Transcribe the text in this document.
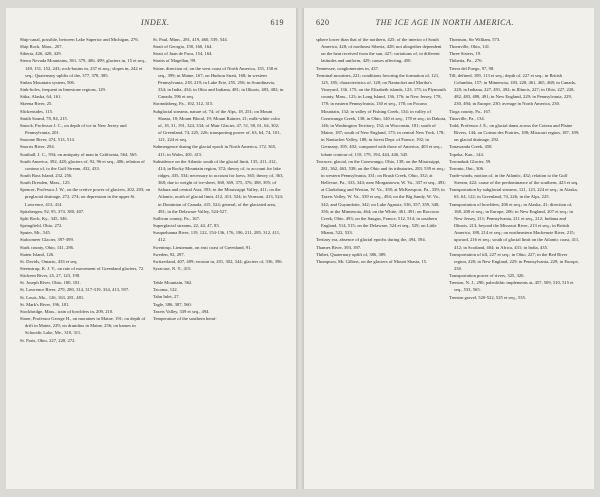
INDEX.	619

Ship-canal, possible, between Lake Superior and Michigan, 276.

Ship Rock, Mass., 207.

Siberia, 426, 428, 429.

Sierra Nevada Mountains, 361, 379, 406, 499; glaciers in, 15 et seq., 149, 151, 152, 243; rock-basins in, 237 et seq.; slopes in, 242 et seq.; Quaternary uplifts of the, 377, 378, 385.

Sinlan Mountain system, 506.

Sink-holes, frequent in limestone regions, 129.

Sitka, Alaska, 64, 161.

Skeena River, 25.

Slickensides, 115.

Smith Sound, 78, 84, 215.

Smock, Professor J. C., on depth of ice in New Jersey and Pennsylvania, 201.

Snoome River, 474, 513, 514.

Snorris River, 294.

Southall, J. C., 594; on antiquity of man in California, 564, 565.

South America, 392, 428; glaciers of, 92, 96 et seq., 406; relation of contour of, to the Gulf Stream, 432, 433.

South Bass Island, 232, 256.

South Dresden, Mass., 125.

Spencer, Professor J. W., on the cretive power of glaciers, 202, 203; on preglacial drainage, 272, 274; on depression in the upper St. Lawrence, 413, 414.

Spitzbergen, 92, 95, 374, 380, 407.

Split Rock, Ky., 345, 346.

Springfield, Ohio, 272.

Spuier, Mr., 545.

Stalcomeer Glacier, 397-399.

Stark county, Ohio, 141, 286.

Staten Island, 126.

St. Davids, Ontario, 433 et seq.

Steenstrup, K. J. V., on rate of movement of Greenland glaciers, 72.

Stickeen River, 25, 27, 123, 198.

St. Joseph River, Ohio, 180, 181.

St. Lawrence River, 279, 280, 314, 317-319, 334, 413, 597.

St. Louis, Mo., 126, 163, 281, 481.

St. Mark's River, 196, 181.

Stockbridge, Mass., train of bowlders in, 209, 210.

Stone, Professor George H., on moraines in Maine, 191; on depth of drift in Maine, 229; on drumlins in Maine, 256; on kames in Schoodic Lake, Me., 310, 311.

St. Paris, Ohio, 227, 228, 272.

St. Paul, Minn., 281, 419, 460, 539, 544.

Strait of Georgia, 158, 160, 164.

Strait of Juan de Fuca, 154, 164.

Straits of Magellan, 99.

Striae, direction of, on the west coast of North America, 155, 158 et seq., 399; in Maine, 167; on Hudson Strait, 168; in western Pennsylvania, 218, 219; in Lake Erie, 255, 256; in Scandinavia, 334; in India, 434; in Ohio and Indiana, 481; in Illinois, 483, 482; in Canada, 596 et seq.

Stromdaberg, Pa., 102, 312, 315.

Subglacial streams, nature of, 74; of the Alps, 18, 251; on Mount Shasta, 18; Mount Blood, 19; Mount Rainier, 21; milk-white color of, 18, 31, 191, 324, 334; of Muir Glacier, 47, 51, 58, 61, 64, 302; of Greenland, 74, 225, 226; transporting power of, 63, 64, 74, 101, 121, 224 et seq.

Submergence during the glacial epoch in North America, 172, 365, 411; in Wales, 401, 415.

Subsidence on the Atlantic south of the glacial limit, 135, 411, 412, 414; in Rocky Mountain region, 372; theory of, to account for lake ridges, 435, 534; necessary to account for loess, 365; theory of, 363, 368; due to weight of ice-sheet, 368, 369, 375, 376, 388, 395; of Sahara and central Asia, 393; in the Mississippi Valley, 411; on the Atlantic, north of glacial limit, 412, 413, 524; in Vermont, 413, 524; in Dominion of Canada, 415, 524; general, of the glaciated area, 481; in the Delaware Valley, 524-527.

Sullivan county, Pa., 167.

Superglacial streams, 22, 44, 47, 83.

Susquehanna River, 119, 122, 154-136, 176, 196, 211, 285, 312, 411, 412.

Swentrup, Lieutenant, on east coast of Greenland, 91.

Sweden, 92, 297.

Switzerland, 407, 409; erosion in, 201, 302, 344; glaciers of, 336, 396.

Syracuse, N. Y., 415.

Table Mountain, 562.

Tacoma, 122.

Tahn Inlet, 27.

Tagle, 386, 387, 560.

Tazeis Valley, 339 et seq., 494.

Temperature of the southern hemi-

620	THE ICE AGE IN NORTH AMERICA.

sphere lower than that of the northern, 425; of the interior of South America, 428; of northeast Siberia, 428; not altogether dependent on the heat received from the sun, 427; variations of, in different latitudes and uniform, 429; causes affecting, 450.

Tennessee, conglomerates in, 437.

Terminal moraines, 221; conditions favoring the formation of, 121, 125, 185; characteristics of, 128; on Nantucket and Martha's Vineyard, 136, 175; on the Elizabeth islands, 123, 175; in Plymouth county, Mass., 123; in Long Island, 136, 176; in New Jersey, 178, 178; in eastern Pennsylvania, 130 et seq., 178; on Pocono Mountain, 132; in valley of Fishing Creek, 134; in valley of Conewango Creek, 138; in Ohio, 140 et seq., 178 et seq.; in Dakota, 146; in Washington Territory, 152; in Wisconsin, 181; south of Maine, 187; south of New England, 175; in central New York, 178; in Nantucket Valley, 188; in forest Dept. of France, 192; in Germany, 395, 402; compared with those of America, 403 et seq.; lobate contour of, 118, 179, 194, 444, 446, 545.

Terraces, glacial, on the Conewango, Ohio, 138; on the Mississippi, 281, 362, 463, 538; on the Ohio and its tributaries, 283, 539 et seq.; in western Pennsylvania, 331; on Brush Creek, Ohio, 332; at Bellevue, Pa., 333, 344; near Morgantown, W. Va., 337 et seq., 493; at Clarksburg and Weston, W. Va., 358; at McKeesport, Pa., 339; in Tazeis Valley, W. Va., 339 et seq., 494; on the Big Sandy, W. Va., 342; and Guyandotte, 342; on Lake Agassiz, 536, 357, 359, 348, 356; at the Minnesota, 464; on the White, 461, 491; on Raccoon Creek, Ohio, 493; on the Saugus, France, 512, 514; in southern England, 514, 515; on the Delaware, 524 et seq., 529; on Little Miami, 522, 533.

Tertiary era, absence of glacial epochs during the, 494, 594.

Thames River, 393, 397.

Thibet, Quaternary uplift of, 386, 389.

Thompson, Mr. Gilbert, on the glaciers of Mount Shasta, 15.

Thomson, Sir William, 573.

Thornville, Ohio, 141.

Three Sisters, 19.

Thibetia, Pa., 276.

Tierra del Fuego, 97, 98.

Till, defined, 109, 113 et seq.; depth of, 227 et seq.; in British Columbia, 157; in Minnesota, 183, 228, 461, 465, 468; in Canada, 228; in Indiana, 227, 491, 492; in Illinois, 227; in Ohio, 227, 228, 482, 483, 488, 491; in New England, 229; in Pennsylvania, 229, 230, 494; in Europe, 230; average in North America, 230.

Tioga county, Pa., 167.

Titusville, Pa., 134.

Todd, Professor J. E., on glacial dams across the Coteau and Plaine Rivers, 144; on Coteau des Prairies, 188; Missouri region, 187, 189; on glacial drainage, 292.

Tonawanda Creek, 458.

Topeka, Kan., 144.

Toronakuk Glacier, 59.

Toronto, Ont., 306.

Trade-winds, motion of, in the Atlantic, 432; relation to the Gulf Stream, 422; cause of the predominance of the southern, 423 et seq.

Transportation by subglacial streams, 121, 123, 224 et seq.; in Alaska, 63, 64, 122; in Greenland, 74, 226; in the Alps, 225.

Transportation of bowlders, 206 et seq.; in Alaska, 41; direction of, 168, 208 et seq.; in Europe, 206; in New England, 207 et seq.; in New Jersey, 211; Pennsylvania, 211 et seq., 212; Indiana and Illinois, 213; beyond the Missouri River, 213 et seq.; in British America, 188, 214 et seq.; on northeastern Mackenzie River, 215; upward, 216 et seq.; south of glacial limit on the Atlantic coast, 411, 412; in Scotland, 404; in Africa, 431; in India, 435.

Transportation of till, 227 et seq.; in Ohio, 227; in the Red River region, 228; in New England, 229; in Pennsylvania, 229; in Europe, 230.

Transportation power of rivers, 325, 326.

Trenton, N. J., 290; paleolithic implements at, 457, 509, 510, 515 et seq., 533, 565.

Trenton gravel, 520-522, 525 et seq., 535.
